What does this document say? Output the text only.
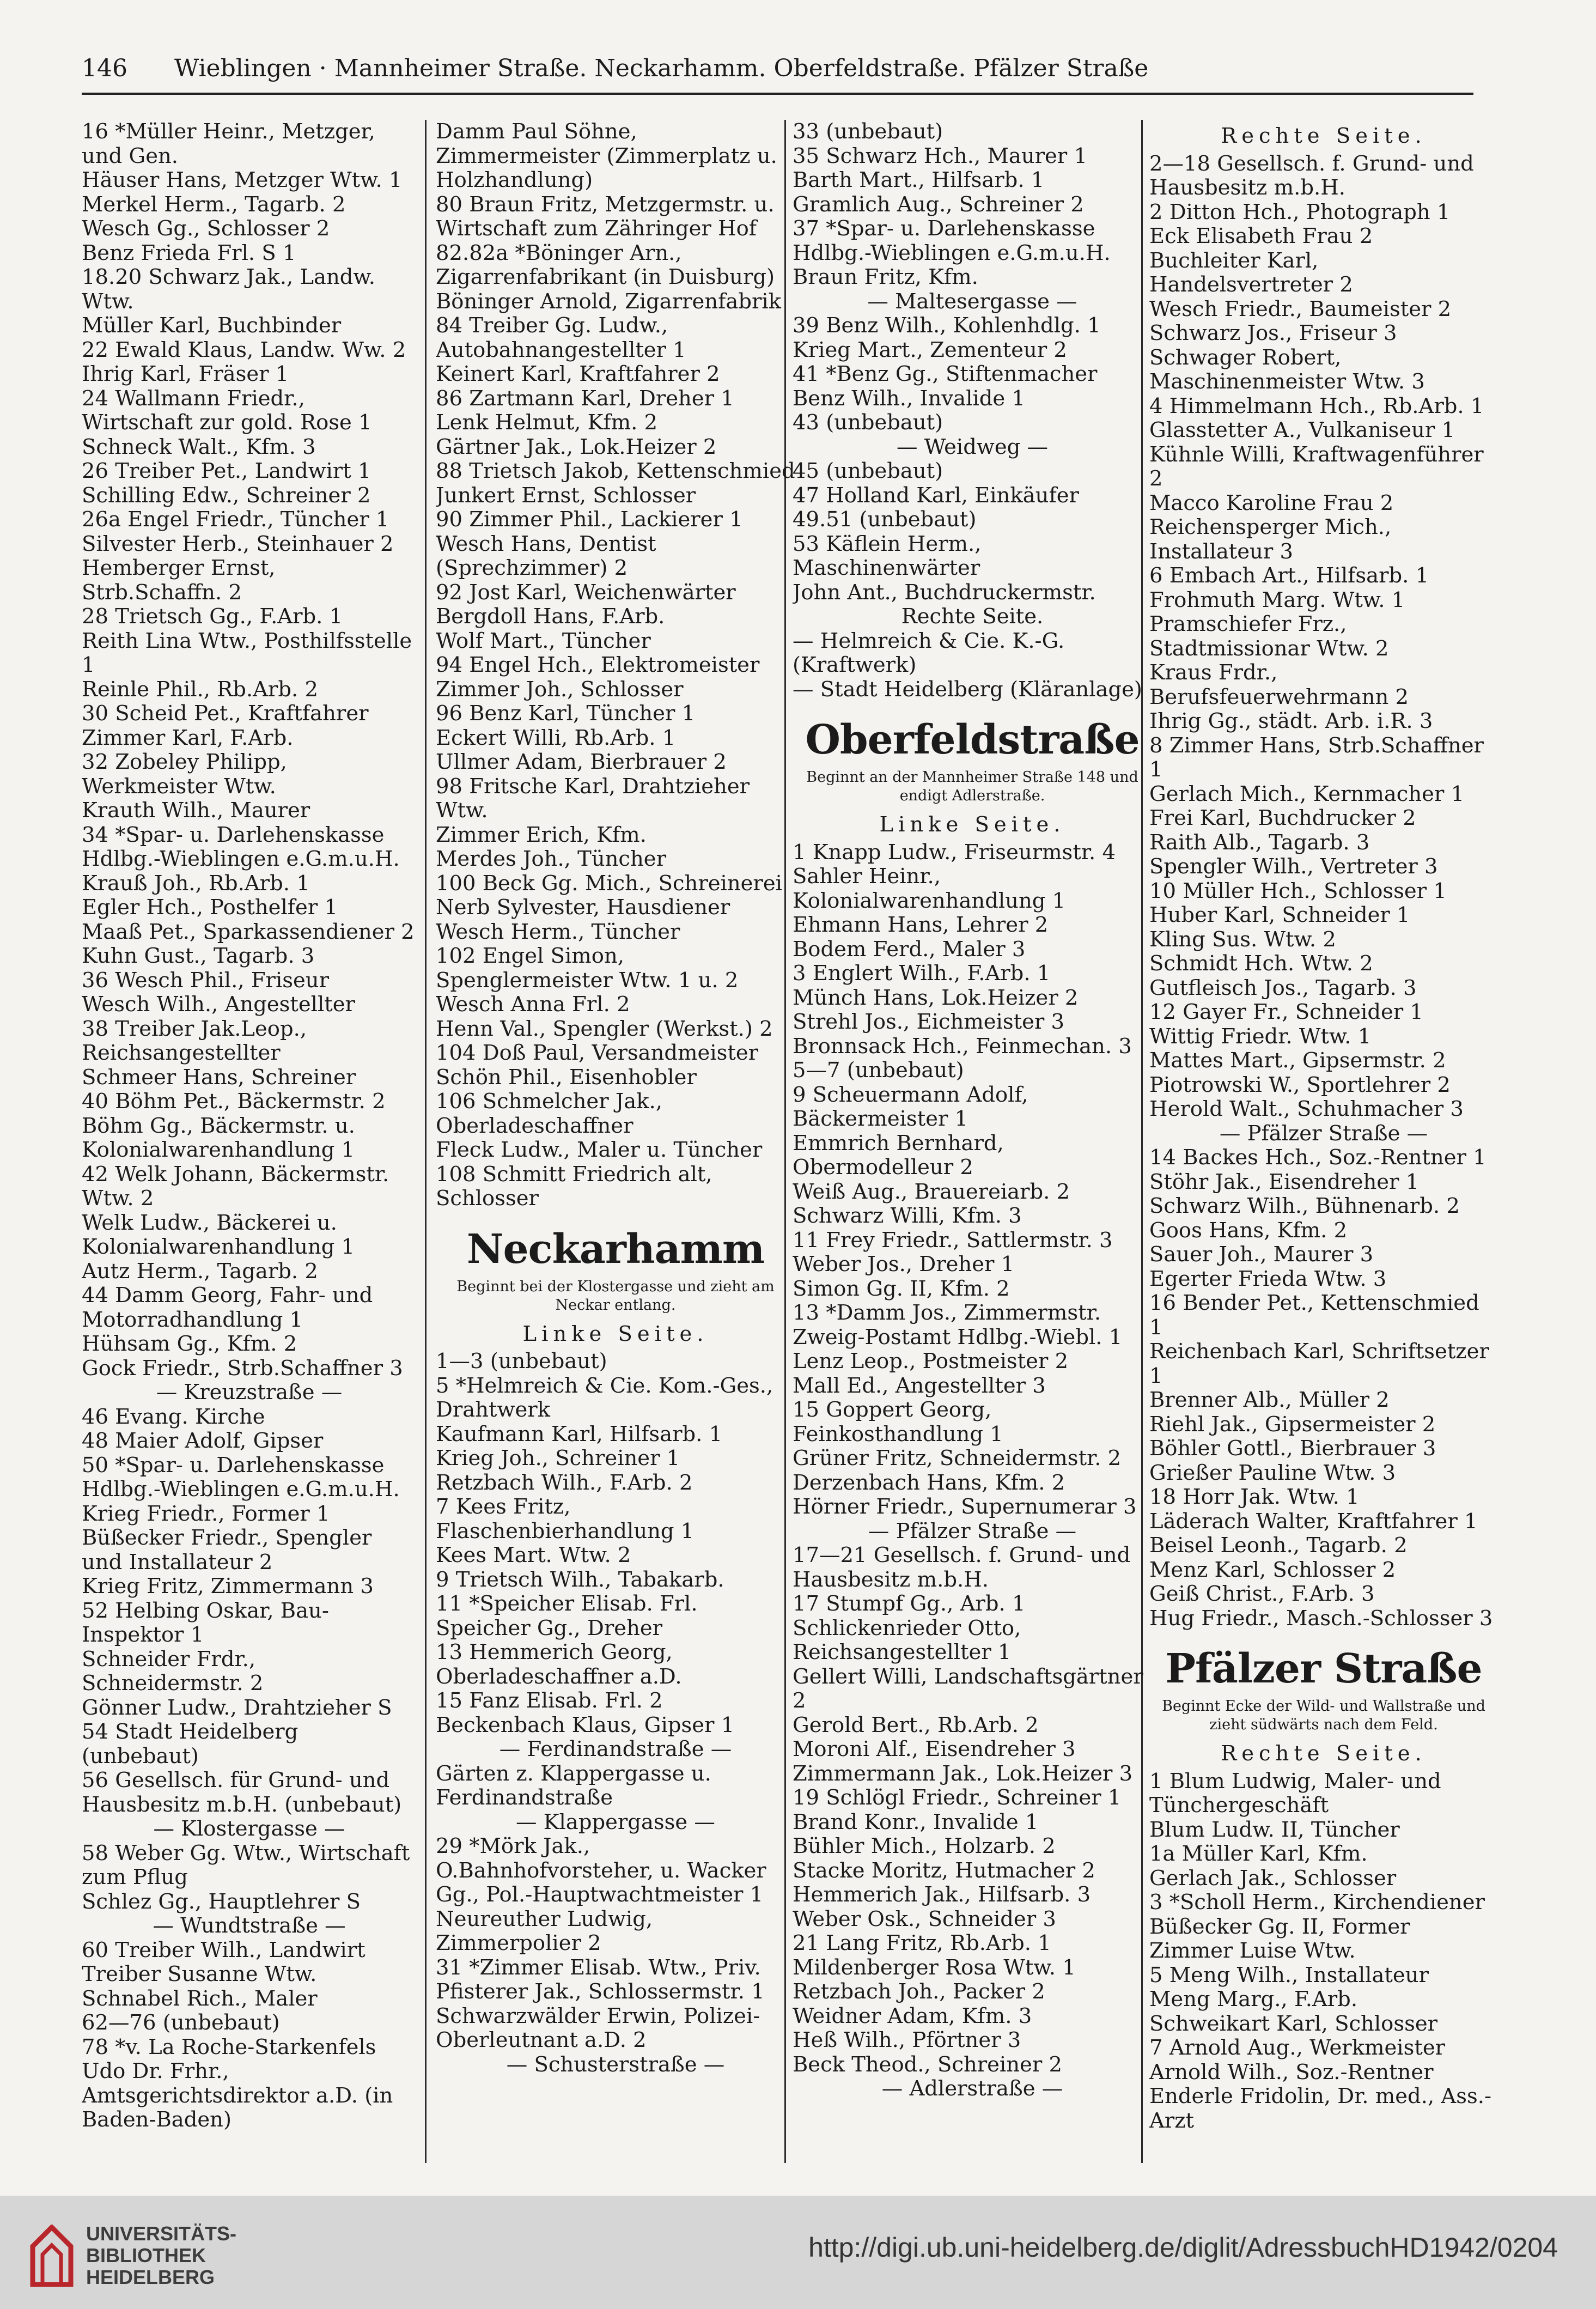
146 Wieblingen · Mannheimer Straße. Neckarhamm. Oberfeldstraße. Pfälzer Straße
16 *Müller Heinr., Metzger, und Gen.
Häuser Hans, Metzger Wtw. 1
Merkel Herm., Tagarb. 2
Wesch Gg., Schlosser 2
Benz Frieda Frl. S 1
18.20 Schwarz Jak., Landw. Wtw.
Müller Karl, Buchbinder
22 Ewald Klaus, Landw. Ww. 2
Ihrig Karl, Fräser 1
24 Wallmann Friedr., Wirtschaft zur gold. Rose 1
Schneck Walt., Kfm. 3
26 Treiber Pet., Landwirt 1
Schilling Edw., Schreiner 2
26a Engel Friedr., Tüncher 1
Silvester Herb., Steinhauer 2
Hemberger Ernst, Strb.Schaffn. 2
28 Trietsch Gg., F.Arb. 1
Reith Lina Wtw., Posthilfsstelle 1
Reinle Phil., Rb.Arb. 2
30 Scheid Pet., Kraftfahrer
Zimmer Karl, F.Arb.
32 Zobeley Philipp, Werkmeister Wtw.
Krauth Wilh., Maurer
34 *Spar- u. Darlehenskasse Hdlbg.-Wieblingen e.G.m.u.H.
Krauß Joh., Rb.Arb. 1
Egler Hch., Posthelfer 1
Maaß Pet., Sparkassendiener 2
Kuhn Gust., Tagarb. 3
36 Wesch Phil., Friseur
Wesch Wilh., Angestellter
38 Treiber Jak.Leop., Reichsangestellter
Schmeer Hans, Schreiner
40 Böhm Pet., Bäckermstr. 2
Böhm Gg., Bäckermstr. u. Kolonialwarenhandlung 1
42 Welk Johann, Bäckermstr. Wtw. 2
Welk Ludw., Bäckerei u. Kolonialwarenhandlung 1
Autz Herm., Tagarb. 2
44 Damm Georg, Fahr- und Motorradhandlung 1
Hühsam Gg., Kfm. 2
Gock Friedr., Strb.Schaffner 3
— Kreuzstraße —
46 Evang. Kirche
48 Maier Adolf, Gipser
50 *Spar- u. Darlehenskasse Hdlbg.-Wieblingen e.G.m.u.H.
Krieg Friedr., Former 1
Büßecker Friedr., Spengler und Installateur 2
Krieg Fritz, Zimmermann 3
52 Helbing Oskar, Bau-Inspektor 1
Schneider Frdr., Schneidermstr. 2
Gönner Ludw., Drahtzieher S
54 Stadt Heidelberg (unbebaut)
56 Gesellsch. für Grund- und Hausbesitz m.b.H. (unbebaut)
— Klostergasse —
58 Weber Gg. Wtw., Wirtschaft zum Pflug
Schlez Gg., Hauptlehrer S
— Wundtstraße —
60 Treiber Wilh., Landwirt
Treiber Susanne Wtw.
Schnabel Rich., Maler
62—76 (unbebaut)
78 *v. La Roche-Starkenfels Udo Dr. Frhr., Amtsgerichtsdirektor a.D. (in Baden-Baden)
Damm Paul Söhne, Zimmermeister (Zimmerplatz u. Holzhandlung)
80 Braun Fritz, Metzgermstr. u. Wirtschaft zum Zähringer Hof
82.82a *Böninger Arn., Zigarrenfabrikant (in Duisburg)
Böninger Arnold, Zigarrenfabrik
84 Treiber Gg. Ludw., Autobahnangestellter 1
Keinert Karl, Kraftfahrer 2
86 Zartmann Karl, Dreher 1
Lenk Helmut, Kfm. 2
Gärtner Jak., Lok.Heizer 2
88 Trietsch Jakob, Kettenschmied
Junkert Ernst, Schlosser
90 Zimmer Phil., Lackierer 1
Wesch Hans, Dentist (Sprechzimmer) 2
92 Jost Karl, Weichenwärter
Bergdoll Hans, F.Arb.
Wolf Mart., Tüncher
94 Engel Hch., Elektromeister
Zimmer Joh., Schlosser
96 Benz Karl, Tüncher 1
Eckert Willi, Rb.Arb. 1
Ullmer Adam, Bierbrauer 2
98 Fritsche Karl, Drahtzieher Wtw.
Zimmer Erich, Kfm.
Merdes Joh., Tüncher
100 Beck Gg. Mich., Schreinerei
Nerb Sylvester, Hausdiener
Wesch Herm., Tüncher
102 Engel Simon, Spenglermeister Wtw. 1 u. 2
Wesch Anna Frl. 2
Henn Val., Spengler (Werkst.) 2
104 Doß Paul, Versandmeister
Schön Phil., Eisenhobler
106 Schmelcher Jak., Oberladeschaffner
Fleck Ludw., Maler u. Tüncher
108 Schmitt Friedrich alt, Schlosser
Neckarhamm
Beginnt bei der Klostergasse und zieht am Neckar entlang.
Linke Seite.
1—3 (unbebaut)
5 *Helmreich & Cie. Kom.-Ges., Drahtwerk
Kaufmann Karl, Hilfsarb. 1
Krieg Joh., Schreiner 1
Retzbach Wilh., F.Arb. 2
7 Kees Fritz, Flaschenbierhandlung 1
Kees Mart. Wtw. 2
9 Trietsch Wilh., Tabakarb.
11 *Speicher Elisab. Frl.
Speicher Gg., Dreher
13 Hemmerich Georg, Oberladeschaffner a.D.
15 Fanz Elisab. Frl. 2
Beckenbach Klaus, Gipser 1
— Ferdinandstraße —
Gärten z. Klappergasse u. Ferdinandstraße
— Klappergasse —
29 *Mörk Jak., O.Bahnhofvorsteher, u. Wacker Gg., Pol.-Hauptwachtmeister 1
Neureuther Ludwig, Zimmerpolier 2
31 *Zimmer Elisab. Wtw., Priv.
Pfisterer Jak., Schlossermstr. 1
Schwarzwälder Erwin, Polizei-Oberleutnant a.D. 2
— Schusterstraße —
33 (unbebaut)
35 Schwarz Hch., Maurer 1
Barth Mart., Hilfsarb. 1
Gramlich Aug., Schreiner 2
37 *Spar- u. Darlehenskasse Hdlbg.-Wieblingen e.G.m.u.H.
Braun Fritz, Kfm.
— Maltesergasse —
39 Benz Wilh., Kohlenhdlg. 1
Krieg Mart., Zementeur 2
41 *Benz Gg., Stiftenmacher
Benz Wilh., Invalide 1
43 (unbebaut)
— Weidweg —
45 (unbebaut)
47 Holland Karl, Einkäufer
49.51 (unbebaut)
53 Käflein Herm., Maschinenwärter
John Ant., Buchdruckermstr.
Rechte Seite.
— Helmreich & Cie. K.-G. (Kraftwerk)
— Stadt Heidelberg (Kläranlage)
Oberfeldstraße
Beginnt an der Mannheimer Straße 148 und endigt Adlerstraße.
Linke Seite.
1 Knapp Ludw., Friseurmstr. 4
Sahler Heinr., Kolonialwarenhandlung 1
Ehmann Hans, Lehrer 2
Bodem Ferd., Maler 3
3 Englert Wilh., F.Arb. 1
Münch Hans, Lok.Heizer 2
Strehl Jos., Eichmeister 3
Bronnsack Hch., Feinmechan. 3
5—7 (unbebaut)
9 Scheuermann Adolf, Bäckermeister 1
Emmrich Bernhard, Obermodelleur 2
Weiß Aug., Brauereiarb. 2
Schwarz Willi, Kfm. 3
11 Frey Friedr., Sattlermstr. 3
Weber Jos., Dreher 1
Simon Gg. II, Kfm. 2
13 *Damm Jos., Zimmermstr.
Zweig-Postamt Hdlbg.-Wiebl. 1
Lenz Leop., Postmeister 2
Mall Ed., Angestellter 3
15 Goppert Georg, Feinkosthandlung 1
Grüner Fritz, Schneidermstr. 2
Derzenbach Hans, Kfm. 2
Hörner Friedr., Supernumerar 3
— Pfälzer Straße —
17—21 Gesellsch. f. Grund- und Hausbesitz m.b.H.
17 Stumpf Gg., Arb. 1
Schlickenrieder Otto, Reichsangestellter 1
Gellert Willi, Landschaftsgärtner 2
Gerold Bert., Rb.Arb. 2
Moroni Alf., Eisendreher 3
Zimmermann Jak., Lok.Heizer 3
19 Schlögl Friedr., Schreiner 1
Brand Konr., Invalide 1
Bühler Mich., Holzarb. 2
Stacke Moritz, Hutmacher 2
Hemmerich Jak., Hilfsarb. 3
Weber Osk., Schneider 3
21 Lang Fritz, Rb.Arb. 1
Mildenberger Rosa Wtw. 1
Retzbach Joh., Packer 2
Weidner Adam, Kfm. 3
Heß Wilh., Pförtner 3
Beck Theod., Schreiner 2
— Adlerstraße —
Rechte Seite.
2—18 Gesellsch. f. Grund- und Hausbesitz m.b.H.
2 Ditton Hch., Photograph 1
Eck Elisabeth Frau 2
Buchleiter Karl, Handelsvertreter 2
Wesch Friedr., Baumeister 2
Schwarz Jos., Friseur 3
Schwager Robert, Maschinenmeister Wtw. 3
4 Himmelmann Hch., Rb.Arb. 1
Glasstetter A., Vulkaniseur 1
Kühnle Willi, Kraftwagenführer 2
Macco Karoline Frau 2
Reichensperger Mich., Installateur 3
6 Embach Art., Hilfsarb. 1
Frohmuth Marg. Wtw. 1
Pramschiefer Frz., Stadtmissionar Wtw. 2
Kraus Frdr., Berufsfeuerwehrmann 2
Ihrig Gg., städt. Arb. i.R. 3
8 Zimmer Hans, Strb.Schaffner 1
Gerlach Mich., Kernmacher 1
Frei Karl, Buchdrucker 2
Raith Alb., Tagarb. 3
Spengler Wilh., Vertreter 3
10 Müller Hch., Schlosser 1
Huber Karl, Schneider 1
Kling Sus. Wtw. 2
Schmidt Hch. Wtw. 2
Gutfleisch Jos., Tagarb. 3
12 Gayer Fr., Schneider 1
Wittig Friedr. Wtw. 1
Mattes Mart., Gipsermstr. 2
Piotrowski W., Sportlehrer 2
Herold Walt., Schuhmacher 3
— Pfälzer Straße —
14 Backes Hch., Soz.-Rentner 1
Stöhr Jak., Eisendreher 1
Schwarz Wilh., Bühnenarb. 2
Goos Hans, Kfm. 2
Sauer Joh., Maurer 3
Egerter Frieda Wtw. 3
16 Bender Pet., Kettenschmied 1
Reichenbach Karl, Schriftsetzer 1
Brenner Alb., Müller 2
Riehl Jak., Gipsermeister 2
Böhler Gottl., Bierbrauer 3
Grießer Pauline Wtw. 3
18 Horr Jak. Wtw. 1
Läderach Walter, Kraftfahrer 1
Beisel Leonh., Tagarb. 2
Menz Karl, Schlosser 2
Geiß Christ., F.Arb. 3
Hug Friedr., Masch.-Schlosser 3
Pfälzer Straße
Beginnt Ecke der Wild- und Wallstraße und zieht südwärts nach dem Feld.
Rechte Seite.
1 Blum Ludwig, Maler- und Tünchergeschäft
Blum Ludw. II, Tüncher
1a Müller Karl, Kfm.
Gerlach Jak., Schlosser
3 *Scholl Herm., Kirchendiener
Büßecker Gg. II, Former
Zimmer Luise Wtw.
5 Meng Wilh., Installateur
Meng Marg., F.Arb.
Schweikart Karl, Schlosser
7 Arnold Aug., Werkmeister
Arnold Wilh., Soz.-Rentner
Enderle Fridolin, Dr. med., Ass.-Arzt
UNIVERSITÄTS-
BIBLIOTHEK
HEIDELBERG
http://digi.ub.uni-heidelberg.de/diglit/AdressbuchHD1942/0204
